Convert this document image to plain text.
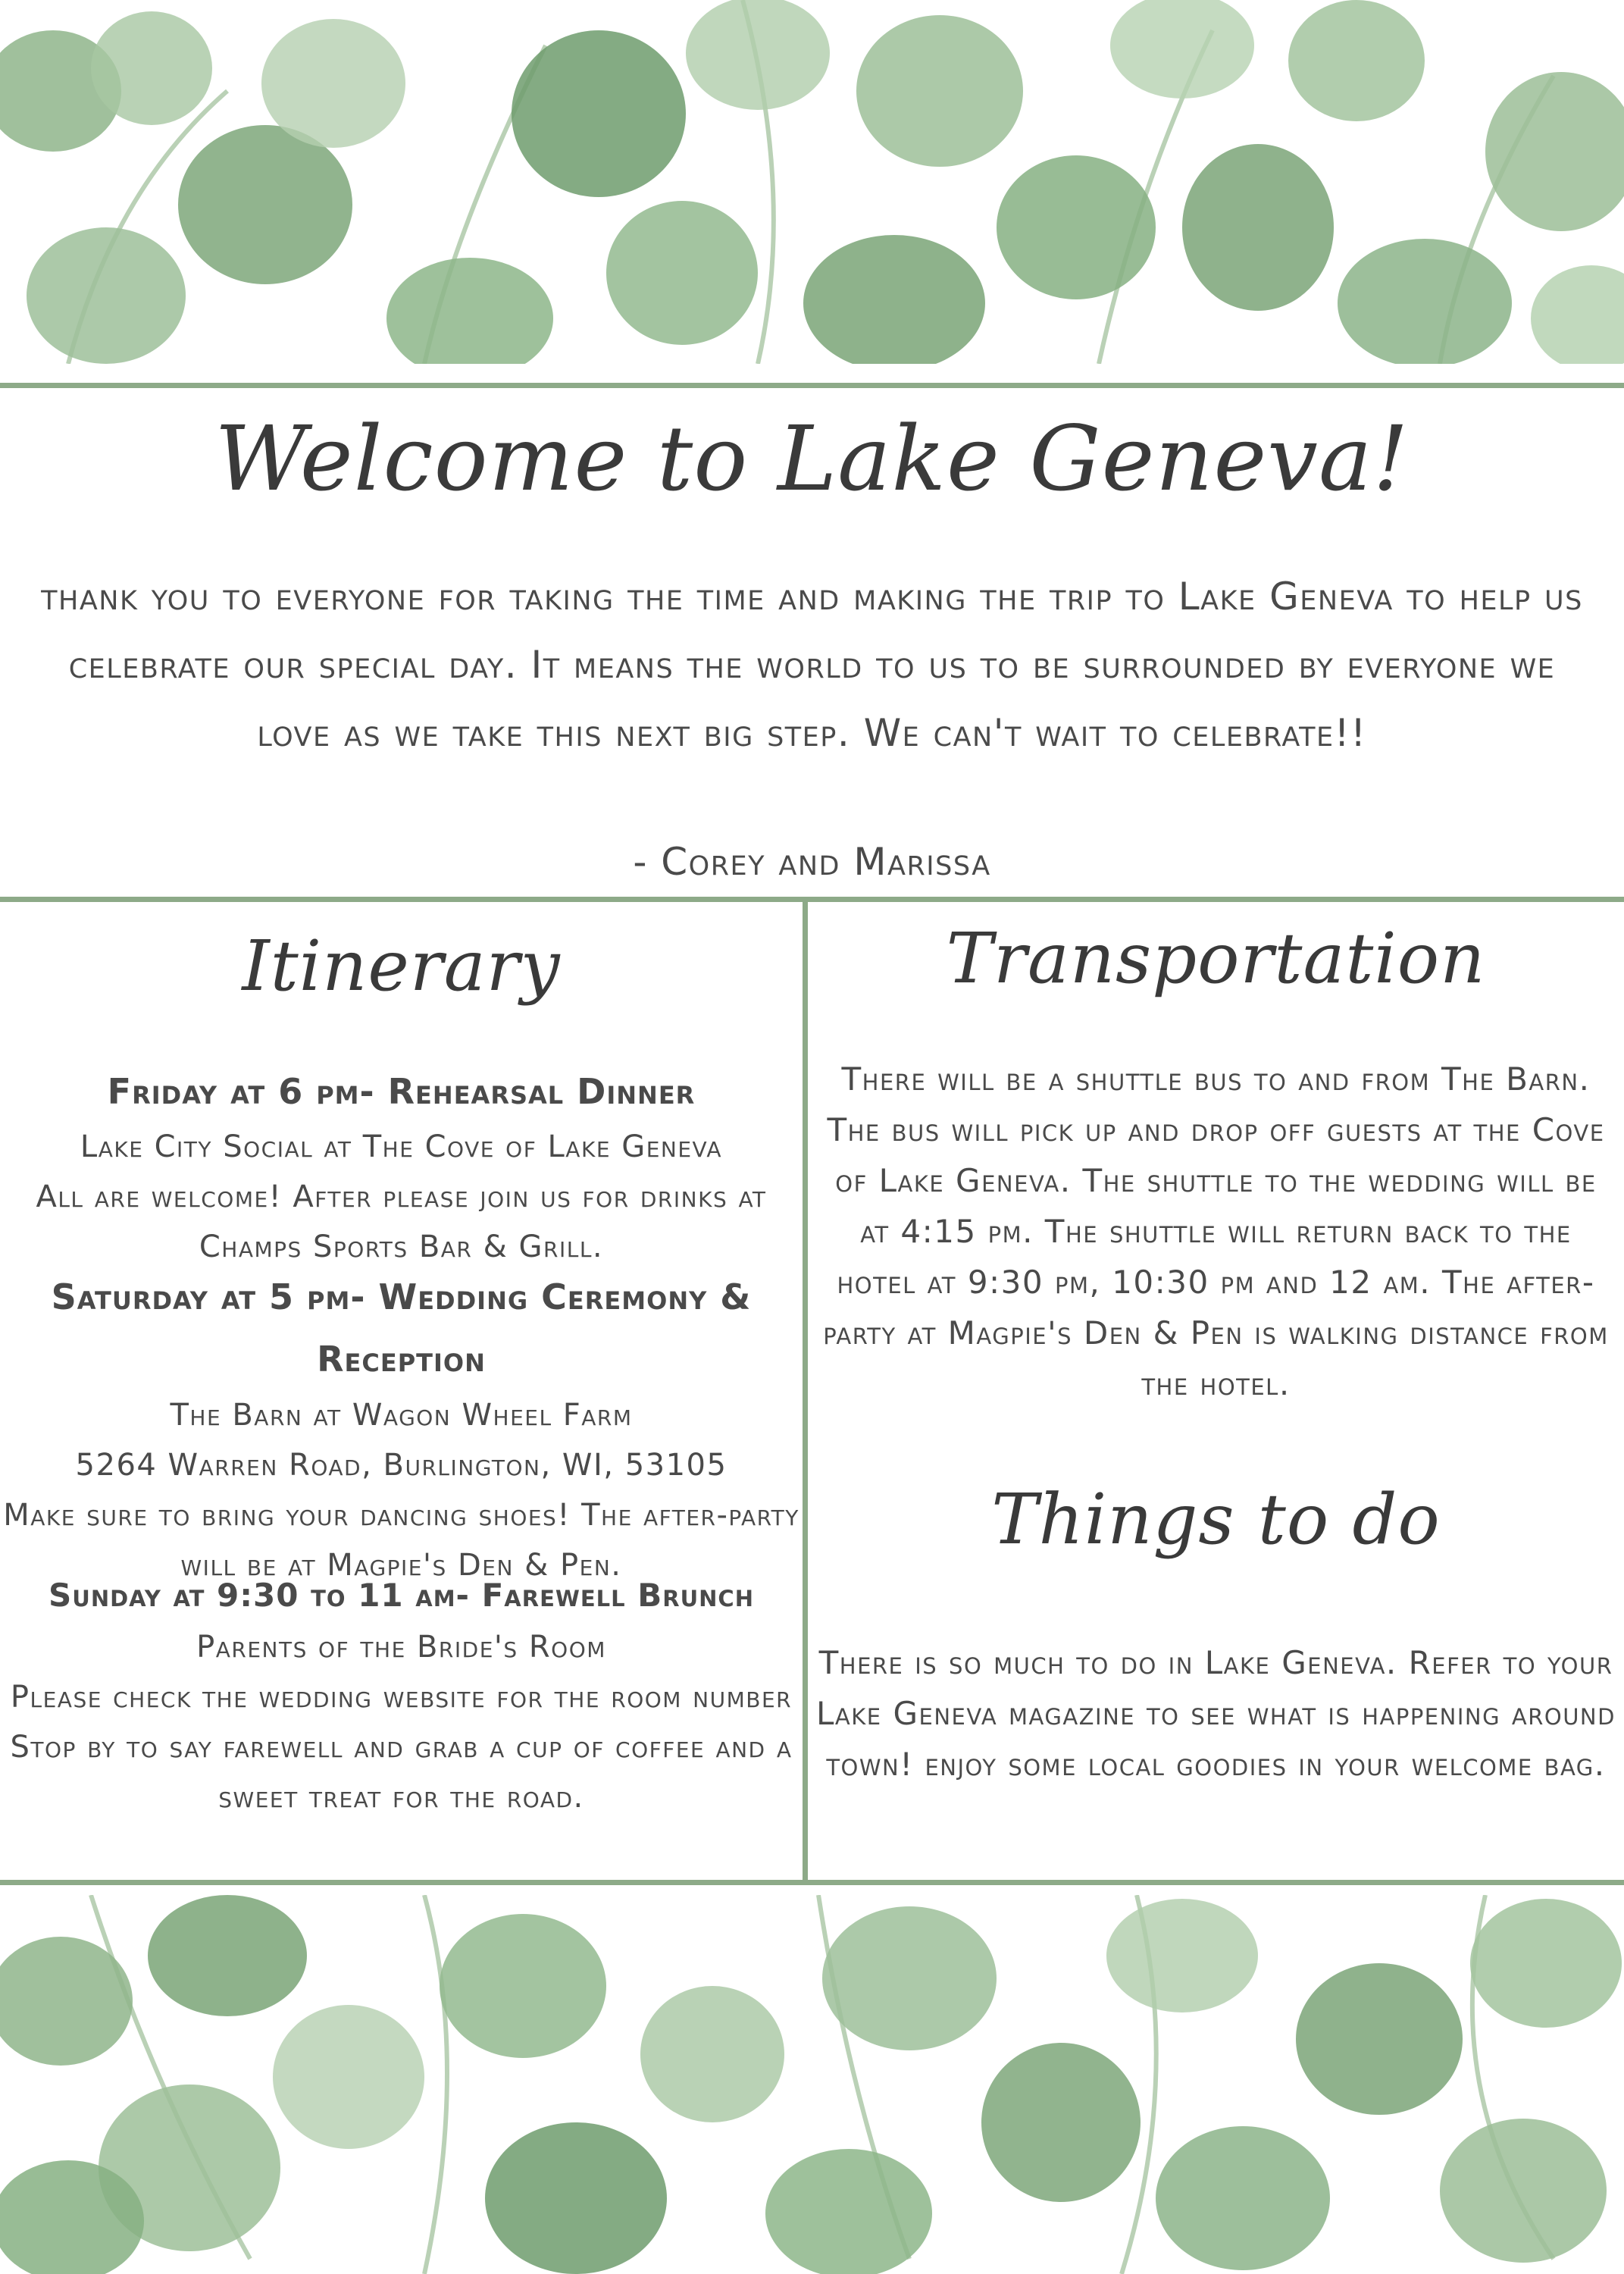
Welcome to Lake Geneva!

thank you to everyone for taking the time and making the trip to Lake Geneva to help us celebrate our special day. It means the world to us to be surrounded by everyone we love as we take this next big step. We can't wait to celebrate!!

- Corey and Marissa

Itinerary

Friday at 6 pm- Rehearsal Dinner

Lake City Social at The Cove of Lake Geneva

All are welcome! After please join us for drinks at Champs Sports Bar & Grill.

Saturday at 5 pm- Wedding Ceremony & Reception

The Barn at Wagon Wheel Farm

5264 Warren Road, Burlington, WI, 53105

Make sure to bring your dancing shoes! The after-party will be at Magpie's Den & Pen.

Sunday at 9:30 to 11 am- Farewell Brunch

Parents of the Bride's Room

Please check the wedding website for the room number

Stop by to say farewell and grab a cup of coffee and a sweet treat for the road.

Transportation

There will be a shuttle bus to and from The Barn. The bus will pick up and drop off guests at the Cove of Lake Geneva. The shuttle to the wedding will be at 4:15 pm. The shuttle will return back to the hotel at 9:30 pm, 10:30 pm and 12 am. The after-party at Magpie's Den & Pen is walking distance from the hotel.

Things to do

There is so much to do in Lake Geneva. Refer to your Lake Geneva magazine to see what is happening around town! enjoy some local goodies in your welcome bag.
